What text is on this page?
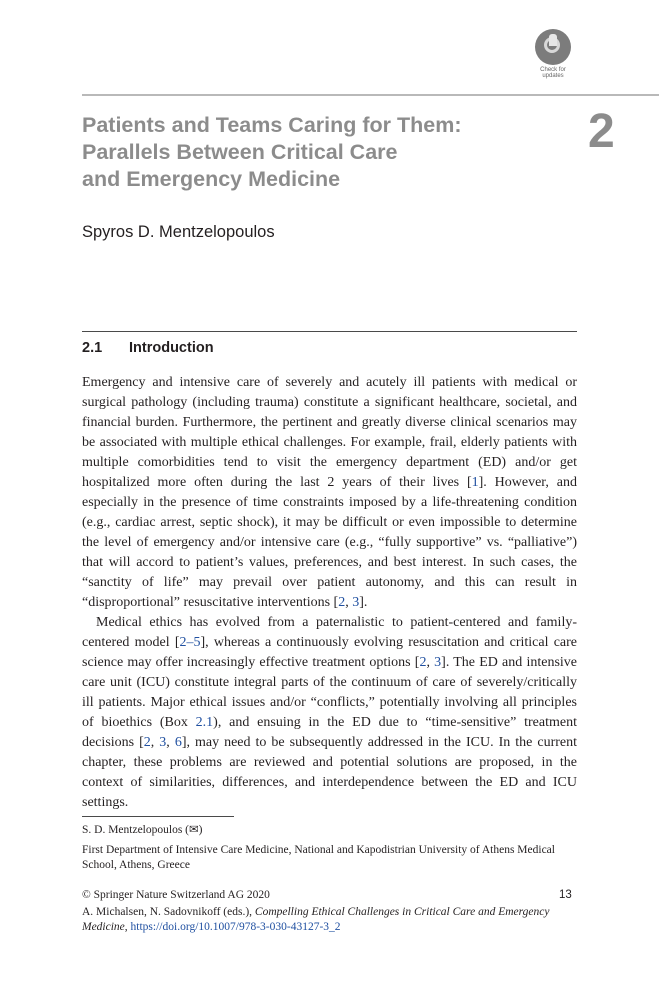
Check for
updates
Patients and Teams Caring for Them:
Parallels Between Critical Care
and Emergency Medicine
2
Spyros D. Mentzelopoulos
2.1 Introduction

Emergency and intensive care of severely and acutely ill patients with medical or surgical pathology (including trauma) constitute a significant healthcare, societal, and financial burden. Furthermore, the pertinent and greatly diverse clinical scenarios may be associated with multiple ethical challenges. For example, frail, elderly patients with multiple comorbidities tend to visit the emergency department (ED) and/or get hospitalized more often during the last 2 years of their lives [1]. However, and especially in the presence of time constraints imposed by a life-threatening condition (e.g., cardiac arrest, septic shock), it may be difficult or even impossible to determine the level of emergency and/or intensive care (e.g., “fully supportive” vs. “palliative”) that will accord to patient’s values, preferences, and best interest. In such cases, the “sanctity of life” may prevail over patient autonomy, and this can result in “disproportional” resuscitative interventions [2, 3].

Medical ethics has evolved from a paternalistic to patient-centered and family-centered model [2–5], whereas a continuously evolving resuscitation and critical care science may offer increasingly effective treatment options [2, 3]. The ED and intensive care unit (ICU) constitute integral parts of the continuum of care of severely/critically ill patients. Major ethical issues and/or “conflicts,” potentially involving all principles of bioethics (Box 2.1), and ensuing in the ED due to “time-sensitive” treatment decisions [2, 3, 6], may need to be subsequently addressed in the ICU. In the current chapter, these problems are reviewed and potential solutions are proposed, in the context of similarities, differences, and interdependence between the ED and ICU settings.

S. D. Mentzelopoulos (✉)
First Department of Intensive Care Medicine, National and Kapodistrian University of Athens Medical School, Athens, Greece
© Springer Nature Switzerland AG 2020	13
A. Michalsen, N. Sadovnikoff (eds.), Compelling Ethical Challenges in Critical Care and Emergency Medicine, https://doi.org/10.1007/978-3-030-43127-3_2
